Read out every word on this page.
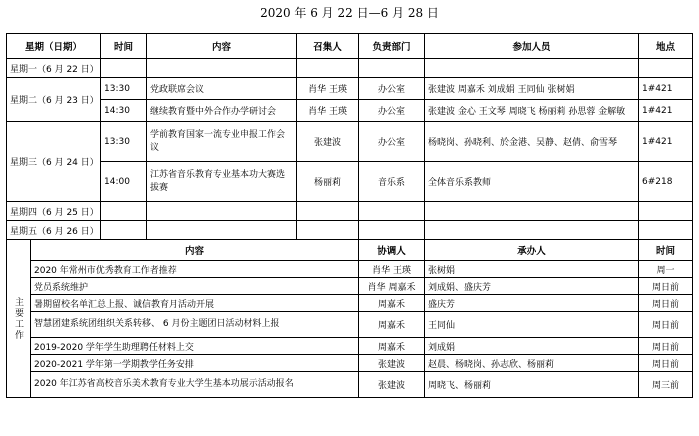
2020 年 6 月 22 日—6 月 28 日
星期（日期）		时间	内容	召集人	负责部门	参加人员	地点
星期一（6 月 22 日）							
星期二（6 月 23 日）		13:30	党政联席会议	肖华 王瑛	办公室	张建波 周嘉禾 刘成娟 王同仙 张树娟	1#421
		14:30	继续教育暨中外合作办学研讨会	肖华 王瑛	办公室	张建波 金心 王文琴 周晓飞 杨丽莉 孙思蓉 金解敏	1#421
星期三（6 月 24 日）		13:30	学前教育国家一流专业申报工作会议	张建波	办公室	杨晓岗、孙晓利、於金港、吴静、赵倩、俞雪琴	1#421
		14:00	江苏省音乐教育专业基本功大赛选拔赛	杨丽莉	音乐系	全体音乐系教师	6#218
星期四（6 月 25 日）							
星期五（6 月 26 日）							
主要工作	内容				协调人	承办人	时间
	2020 年常州市优秀教育工作者推荐				肖华 王瑛	张树娟	周一
	党员系统维护				肖华 周嘉禾	刘成娟、盛庆芳	周日前
	暑期留校名单汇总上报、诚信教育月活动开展				周嘉禾	盛庆芳	周日前
	智慧团建系统团组织关系转移、 6 月份主题团日活动材料上报				周嘉禾	王同仙	周日前
	2019-2020 学年学生助理聘任材料上交				周嘉禾	刘成娟	周日前
	2020-2021 学年第一学期教学任务安排				张建波	赵晨、杨晓岗、孙志欣、杨丽莉	周日前
	2020 年江苏省高校音乐美术教育专业大学生基本功展示活动报名				张建波	周晓飞、杨丽莉	周三前
